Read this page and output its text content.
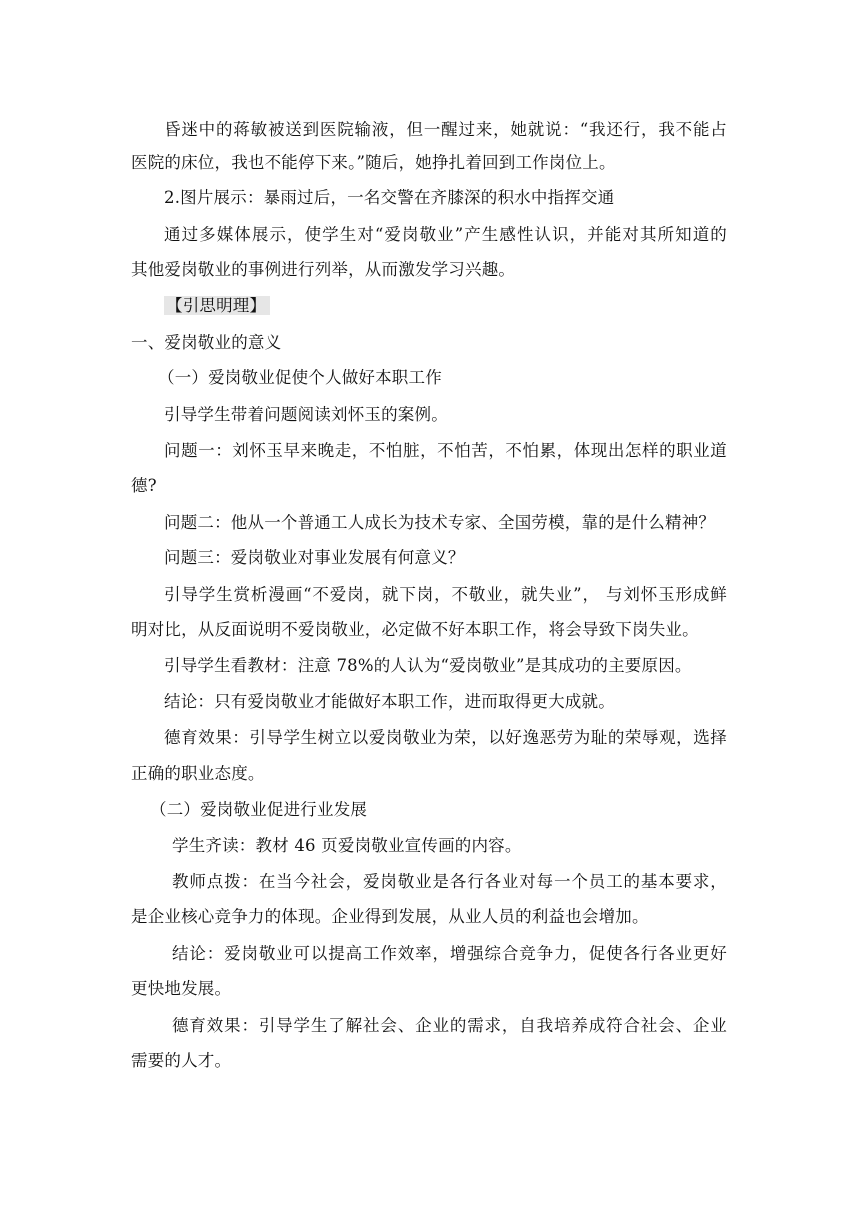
昏迷中的蒋敏被送到医院输液，但一醒过来，她就说：“我还行，我不能占
医院的床位，我也不能停下来。”随后，她挣扎着回到工作岗位上。
2.图片展示：暴雨过后，一名交警在齐膝深的积水中指挥交通
通过多媒体展示，使学生对“爱岗敬业”产生感性认识，并能对其所知道的
其他爱岗敬业的事例进行列举，从而激发学习兴趣。
【引思明理】
一、爱岗敬业的意义
（一）爱岗敬业促使个人做好本职工作
引导学生带着问题阅读刘怀玉的案例。
问题一：刘怀玉早来晚走，不怕脏，不怕苦，不怕累，体现出怎样的职业道
德?
问题二：他从一个普通工人成长为技术专家、全国劳模，靠的是什么精神？
问题三：爱岗敬业对事业发展有何意义？
引导学生赏析漫画“不爱岗，就下岗，不敬业，就失业”， 与刘怀玉形成鲜
明对比，从反面说明不爱岗敬业，必定做不好本职工作，将会导致下岗失业。
引导学生看教材：注意 78%的人认为“爱岗敬业”是其成功的主要原因。
结论：只有爱岗敬业才能做好本职工作，进而取得更大成就。
德育效果：引导学生树立以爱岗敬业为荣，以好逸恶劳为耻的荣辱观，选择
正确的职业态度。
（二）爱岗敬业促进行业发展
学生齐读：教材 46 页爱岗敬业宣传画的内容。
教师点拨：在当今社会，爱岗敬业是各行各业对每一个员工的基本要求，
是企业核心竞争力的体现。企业得到发展，从业人员的利益也会增加。
结论：爱岗敬业可以提高工作效率，增强综合竞争力，促使各行各业更好
更快地发展。
德育效果：引导学生了解社会、企业的需求，自我培养成符合社会、企业
需要的人才。
